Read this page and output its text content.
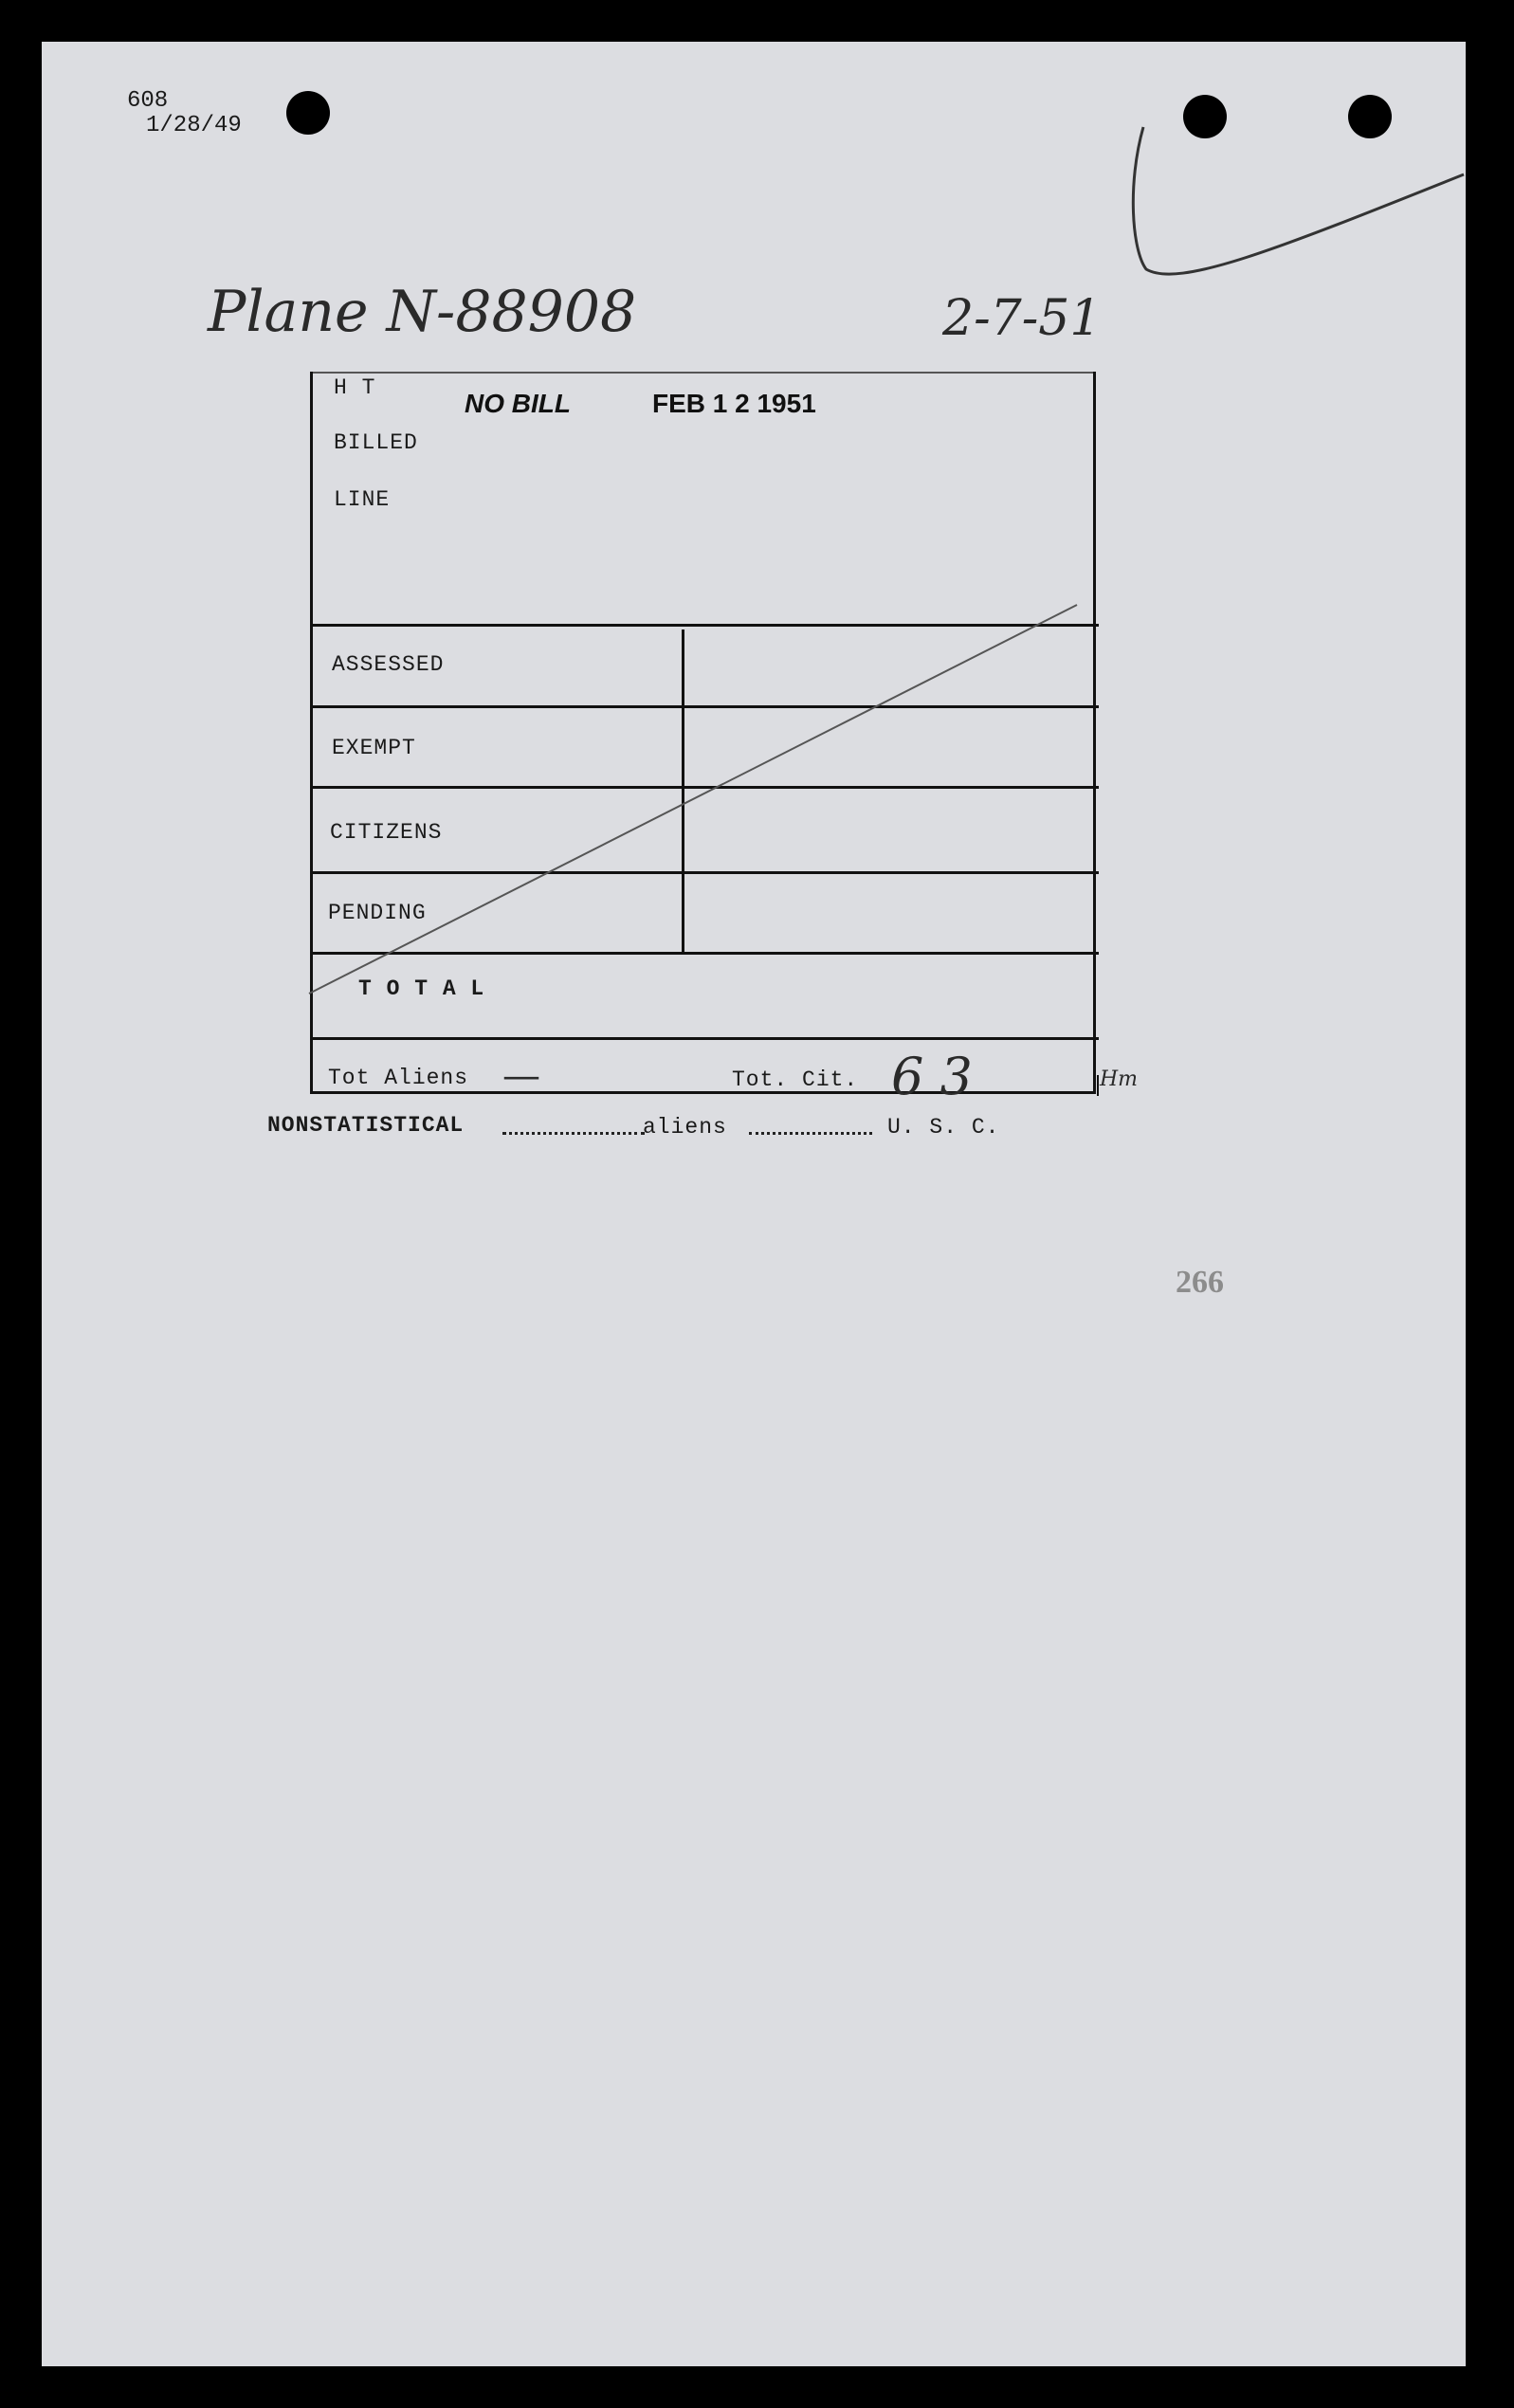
608
1/28/49
Plane N-88908	2-7-51
H T
BILLED
LINE
NO BILL	FEB 1 2 1951
ASSESSED
EXEMPT
CITIZENS
PENDING
T O T A L
Tot Aliens —	Tot. Cit. 6 3	Hm
NONSTATISTICAL	aliens	U. S. C.
266
